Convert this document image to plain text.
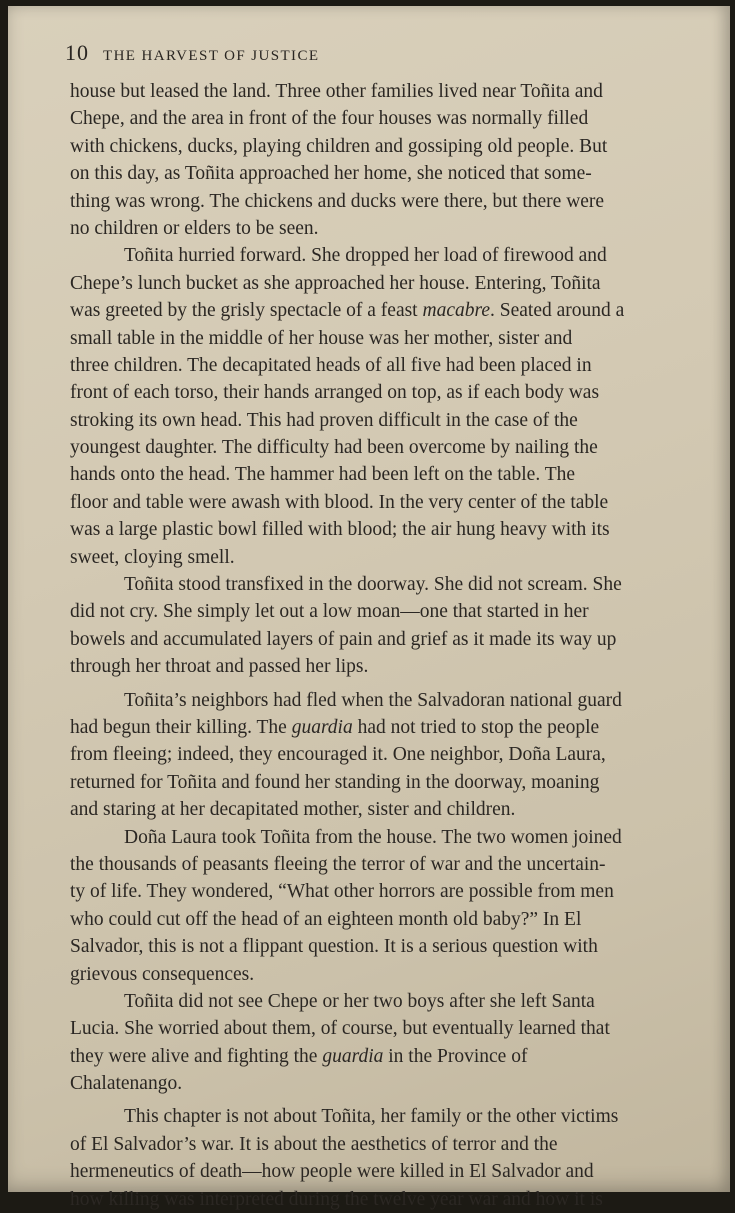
10 THE HARVEST OF JUSTICE
house but leased the land. Three other families lived near Toñita and
Chepe, and the area in front of the four houses was normally filled
with chickens, ducks, playing children and gossiping old people. But
on this day, as Toñita approached her home, she noticed that some-
thing was wrong. The chickens and ducks were there, but there were
no children or elders to be seen.
Toñita hurried forward. She dropped her load of firewood and
Chepe’s lunch bucket as she approached her house. Entering, Toñita
was greeted by the grisly spectacle of a feast macabre. Seated around a
small table in the middle of her house was her mother, sister and
three children. The decapitated heads of all five had been placed in
front of each torso, their hands arranged on top, as if each body was
stroking its own head. This had proven difficult in the case of the
youngest daughter. The difficulty had been overcome by nailing the
hands onto the head. The hammer had been left on the table. The
floor and table were awash with blood. In the very center of the table
was a large plastic bowl filled with blood; the air hung heavy with its
sweet, cloying smell.
Toñita stood transfixed in the doorway. She did not scream. She
did not cry. She simply let out a low moan—one that started in her
bowels and accumulated layers of pain and grief as it made its way up
through her throat and passed her lips.
Toñita’s neighbors had fled when the Salvadoran national guard
had begun their killing. The guardia had not tried to stop the people
from fleeing; indeed, they encouraged it. One neighbor, Doña Laura,
returned for Toñita and found her standing in the doorway, moaning
and staring at her decapitated mother, sister and children.
Doña Laura took Toñita from the house. The two women joined
the thousands of peasants fleeing the terror of war and the uncertain-
ty of life. They wondered, “What other horrors are possible from men
who could cut off the head of an eighteen month old baby?” In El
Salvador, this is not a flippant question. It is a serious question with
grievous consequences.
Toñita did not see Chepe or her two boys after she left Santa
Lucia. She worried about them, of course, but eventually learned that
they were alive and fighting the guardia in the Province of
Chalatenango.
This chapter is not about Toñita, her family or the other victims
of El Salvador’s war. It is about the aesthetics of terror and the
hermeneutics of death—how people were killed in El Salvador and
how killing was interpreted during the twelve year war and how it is
